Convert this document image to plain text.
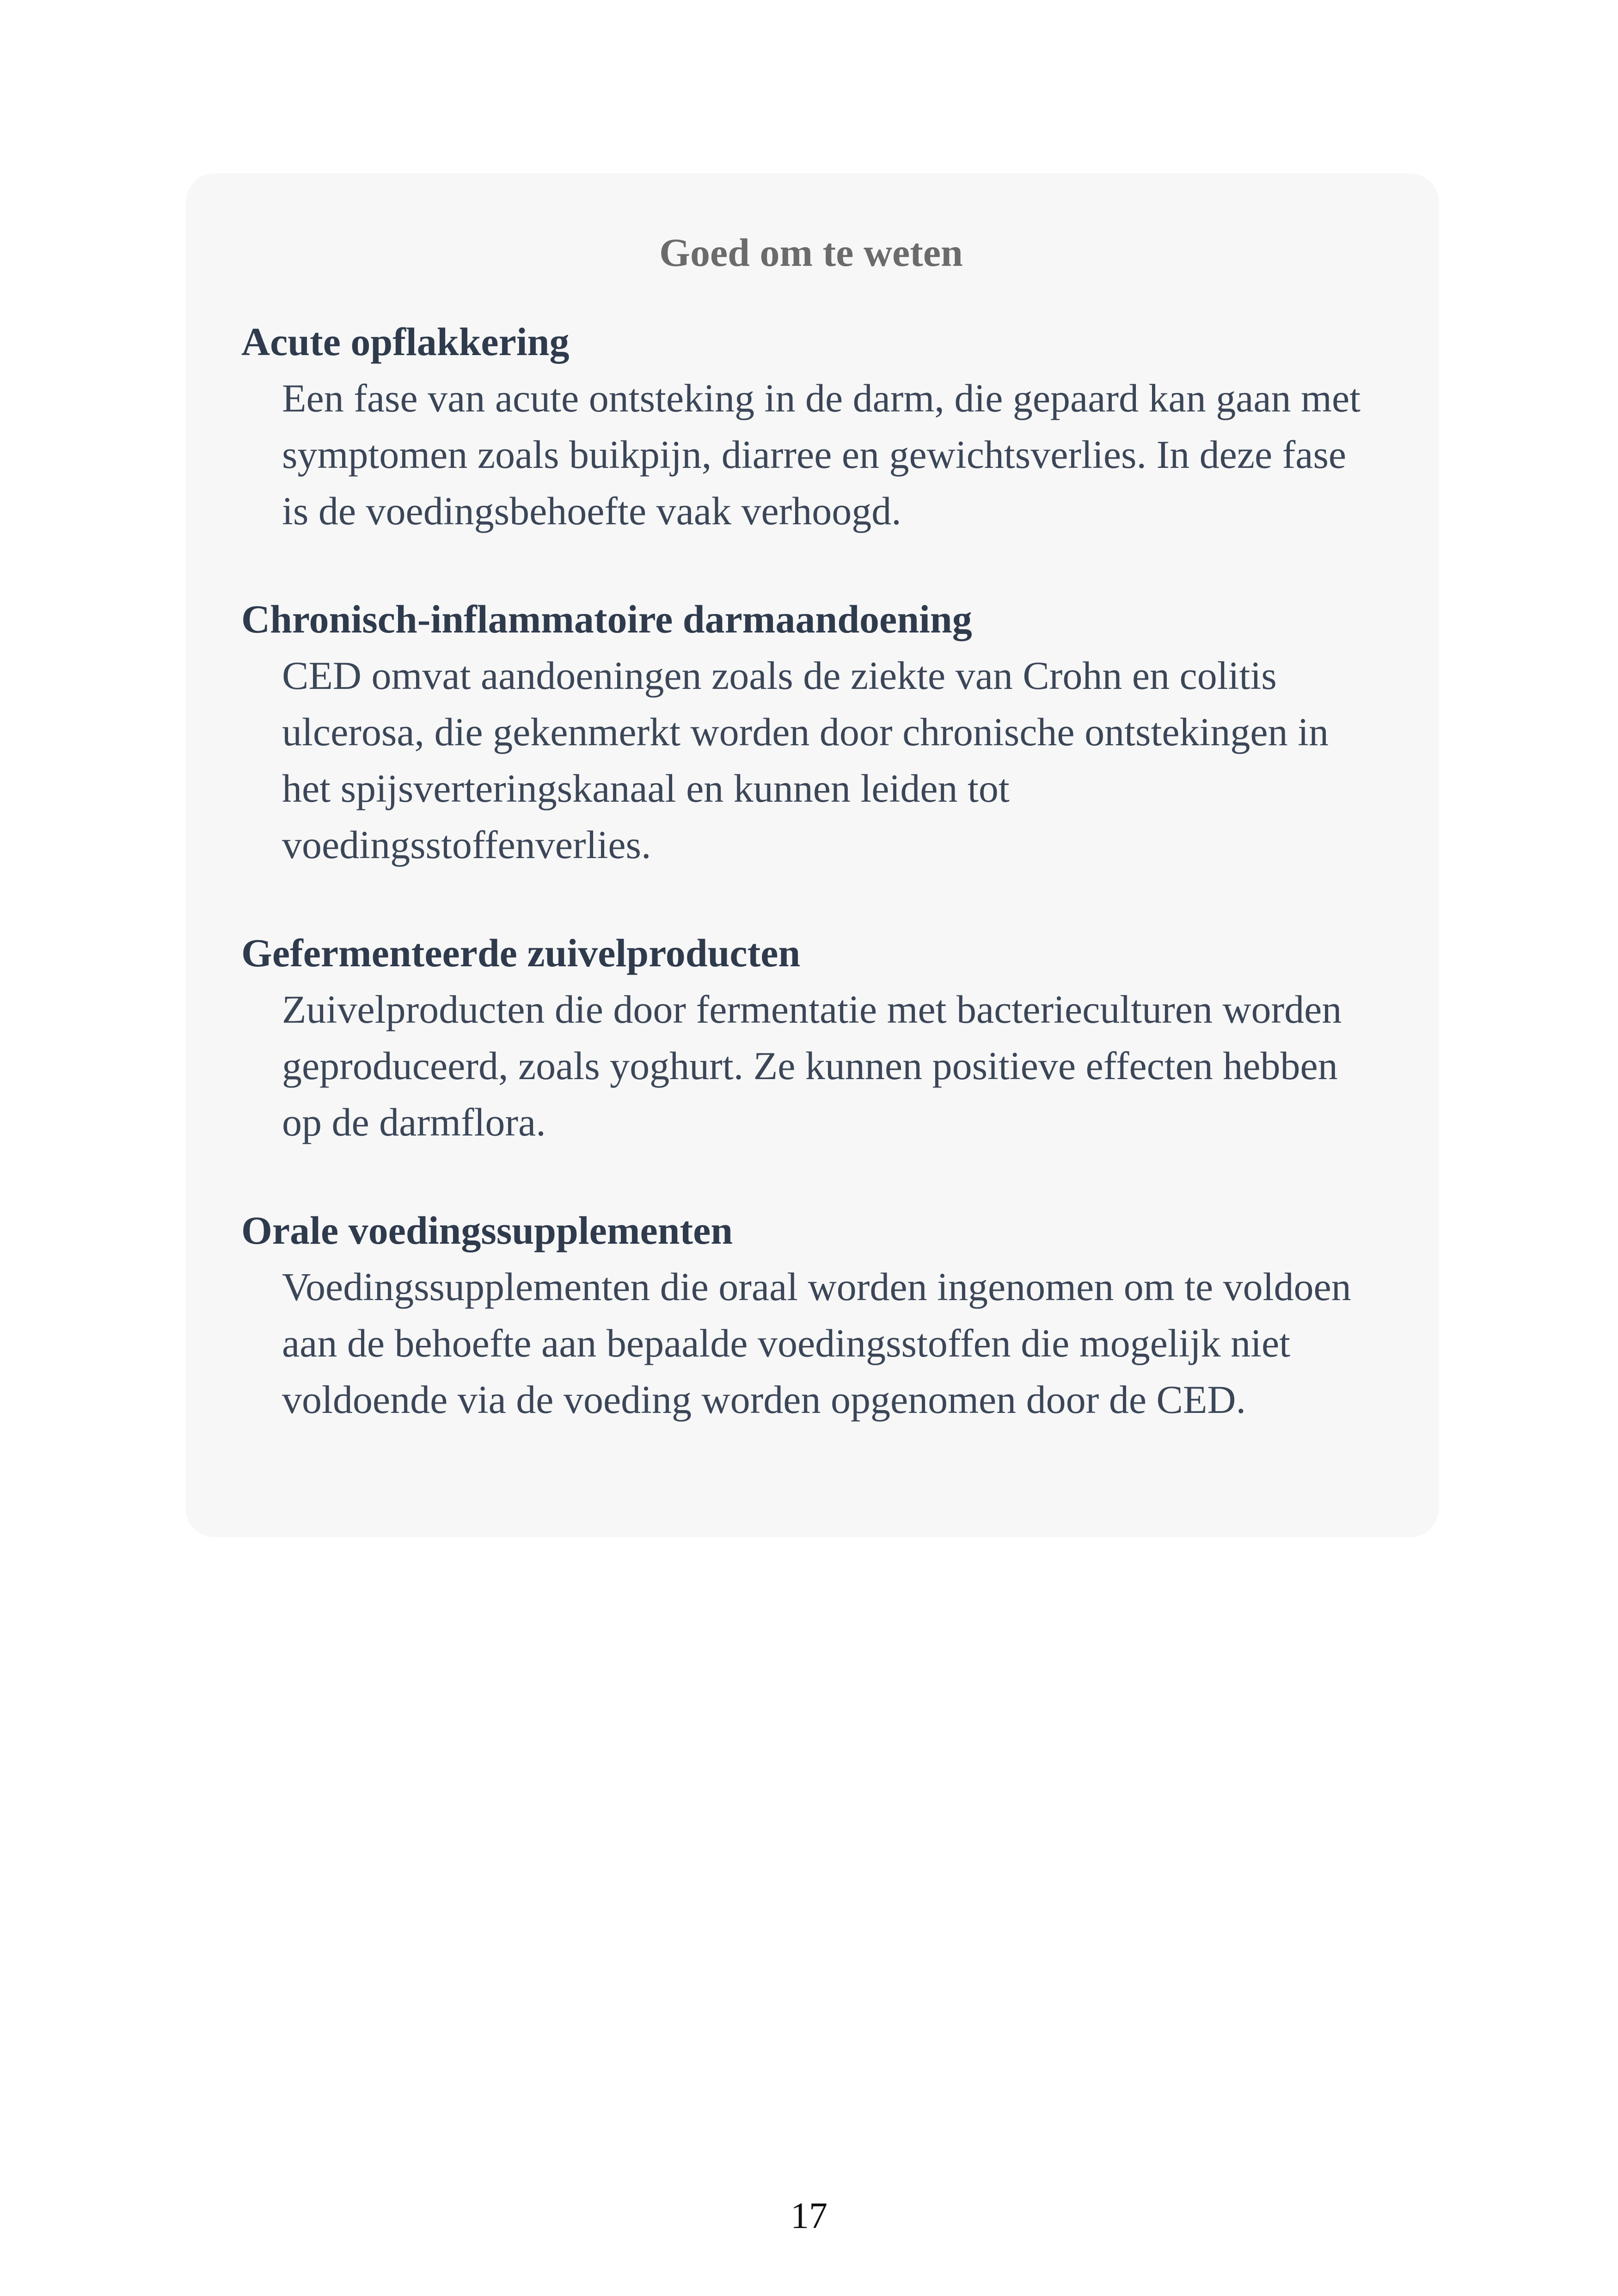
Goed om te weten
Acute opflakkering
Een fase van acute ontsteking in de darm, die gepaard kan gaan met symptomen zoals buikpijn, diarree en gewichtsverlies. In deze fase is de voedingsbehoefte vaak verhoogd.
Chronisch-inflammatoire darmaandoening
CED omvat aandoeningen zoals de ziekte van Crohn en colitis ulcerosa, die gekenmerkt worden door chronische ontstekingen in het spijsverteringskanaal en kunnen leiden tot voedingsstoffenverlies.
Gefermenteerde zuivelproducten
Zuivelproducten die door fermentatie met bacterieculturen worden geproduceerd, zoals yoghurt. Ze kunnen positieve effecten hebben op de darmflora.
Orale voedingssupplementen
Voedingssupplementen die oraal worden ingenomen om te voldoen aan de behoefte aan bepaalde voedingsstoffen die mogelijk niet voldoende via de voeding worden opgenomen door de CED.
17
